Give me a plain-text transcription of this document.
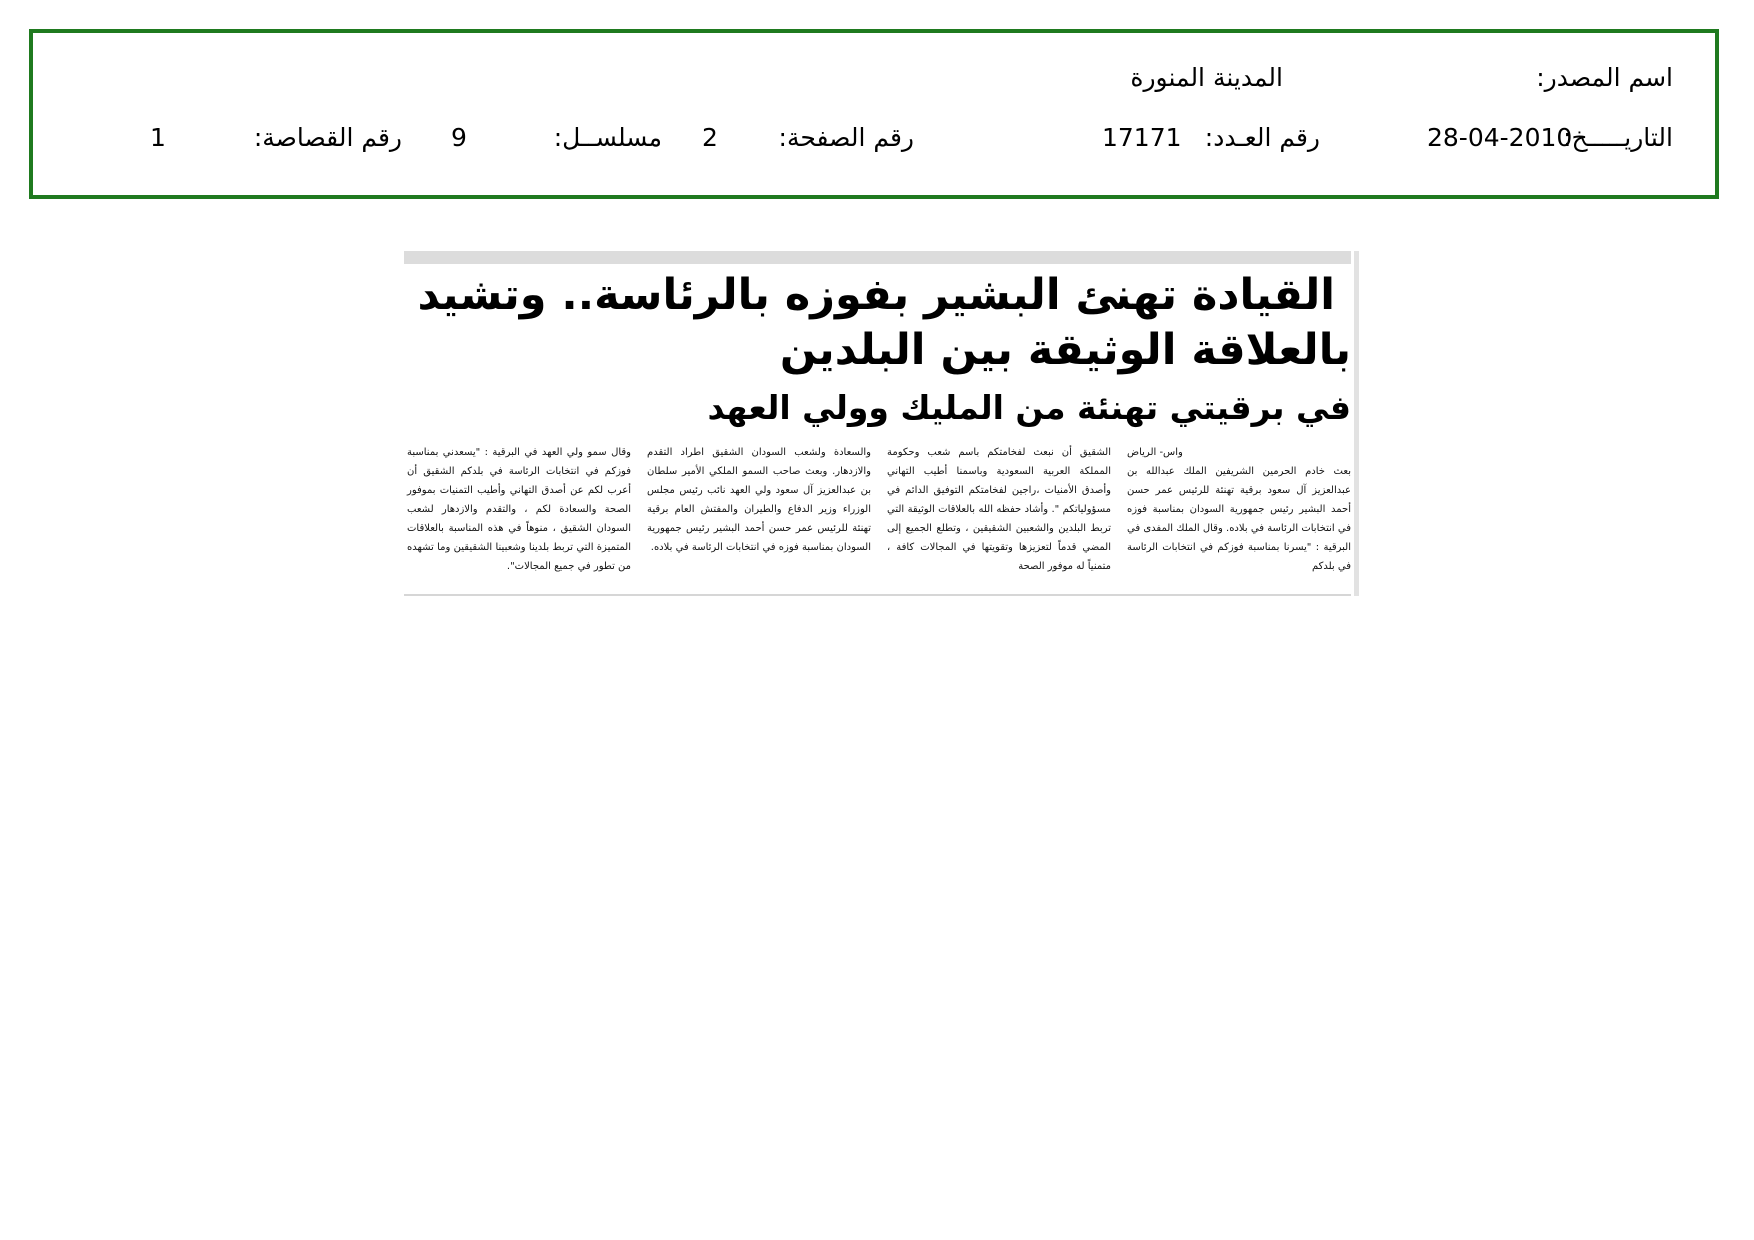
اسم المصدر:
المدينة المنورة
التاريـــــخ:
28-04-2010
رقم العـدد:
17171
رقم الصفحة:
2
مسلســل:
9
رقم القصاصة:
1
القيادة تهنئ البشير بفوزه بالرئاسة.. وتشيد
بالعلاقة الوثيقة بين البلدين
في برقيتي تهنئة من المليك وولي العهد

واس- الرياض

بعث خادم الحرمين الشريفين الملك عبدالله بن عبدالعزيز آل سعود برقية تهنئة للرئيس عمر حسن أحمد البشير رئيس جمهورية السودان بمناسبة فوزه في انتخابات الرئاسة في بلاده. وقال الملك المفدى في البرقية : "يسرنا بمناسبة فوزكم في انتخابات الرئاسة في بلدكم

الشقيق أن نبعث لفخامتكم باسم شعب وحكومة المملكة العربية السعودية وباسمنا أطيب التهاني وأصدق الأمنيات ،راجين لفخامتكم التوفيق الدائم في مسؤولياتكم ". وأشاد حفظه الله بالعلاقات الوثيقة التي تربط البلدين والشعبين الشقيقين ، وتطلع الجميع إلى المضي قدماً لتعزيزها وتقويتها في المجالات كافة ، متمنياً له موفور الصحة

والسعادة ولشعب السودان الشقيق اطراد التقدم والازدهار. وبعث صاحب السمو الملكي الأمير سلطان بن عبدالعزيز آل سعود ولي العهد نائب رئيس مجلس الوزراء وزير الدفاع والطيران والمفتش العام برقية تهنئة للرئيس عمر حسن أحمد البشير رئيس جمهورية السودان بمناسبة فوزه في انتخابات الرئاسة في بلاده.

وقال سمو ولي العهد في البرقية : "يسعدني بمناسبة فوزكم في انتخابات الرئاسة في بلدكم الشقيق أن أعرب لكم عن أصدق التهاني وأطيب التمنيات بموفور الصحة والسعادة لكم ، والتقدم والازدهار لشعب السودان الشقيق ، منوهاً في هذه المناسبة بالعلاقات المتميزة التي تربط بلدينا وشعبينا الشقيقين وما تشهده من تطور في جميع المجالات".
